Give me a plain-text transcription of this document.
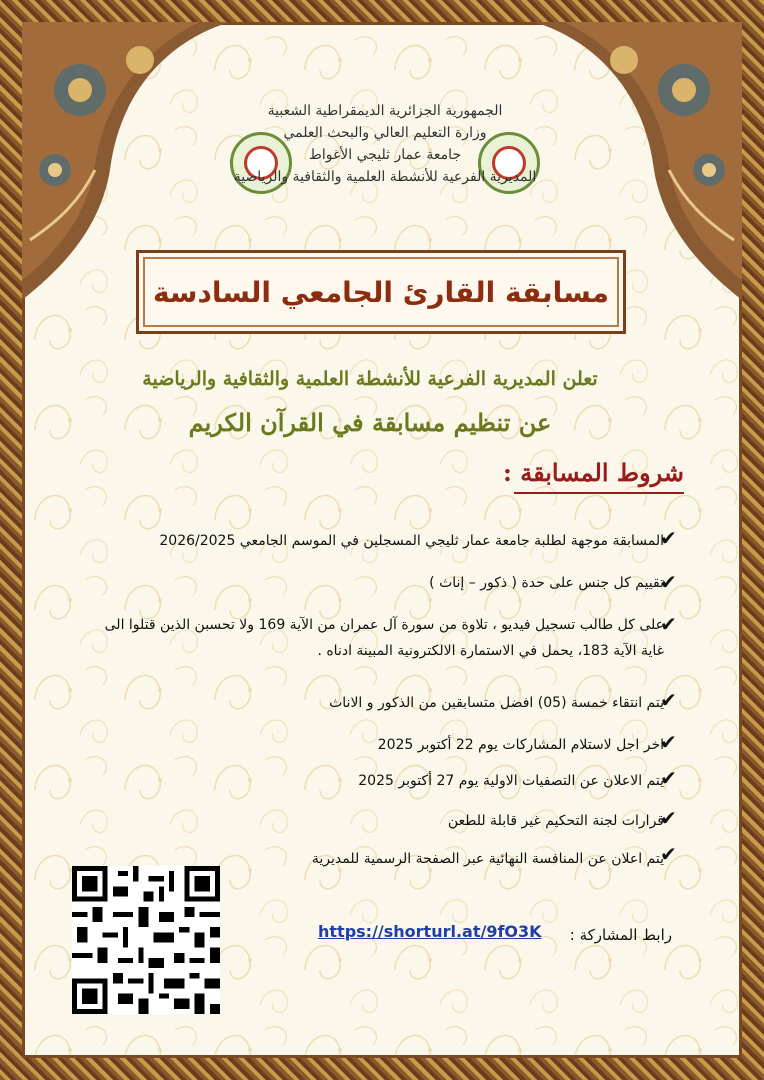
الجمهورية الجزائرية الديمقراطية الشعبية
وزارة التعليم العالي والبحث العلمي
جامعة عمار ثليجي الأغواط
المديرية الفرعية للأنشطة العلمية والثقافية والرياضية
مسابقة القارئ الجامعي السادسة
تعلن المديرية الفرعية للأنشطة العلمية والثقافية والرياضية
عن تنظيم مسابقة في القرآن الكريم
شروط المسابقة :
✔
المسابقة موجهة لطلبة جامعة عمار ثليجي المسجلين في الموسم الجامعي 2026/2025
✔
تقييم كل جنس على حدة ( ذكور – إناث )
✔
على كل طالب تسجيل فيديو ، تلاوة من سورة آل عمران من الآية 169 ولا تحسبن الذين قتلوا الى غاية الآية 183، يحمل في الاستمارة الالكترونية المبينة ادناه .
✔
يتم انتقاء خمسة (05) افضل متسابقين من الذكور و الاناث
✔
اخر اجل لاستلام المشاركات يوم 22 أكتوبر 2025
✔
يتم الاعلان عن التصفيات الاولية يوم 27 أكتوبر 2025
✔
قرارات لجنة التحكيم غير قابلة للطعن
✔
يتم اعلان عن المنافسة النهائية عبر الصفحة الرسمية للمديرية
رابط المشاركة :
https://shorturl.at/9fO3K
